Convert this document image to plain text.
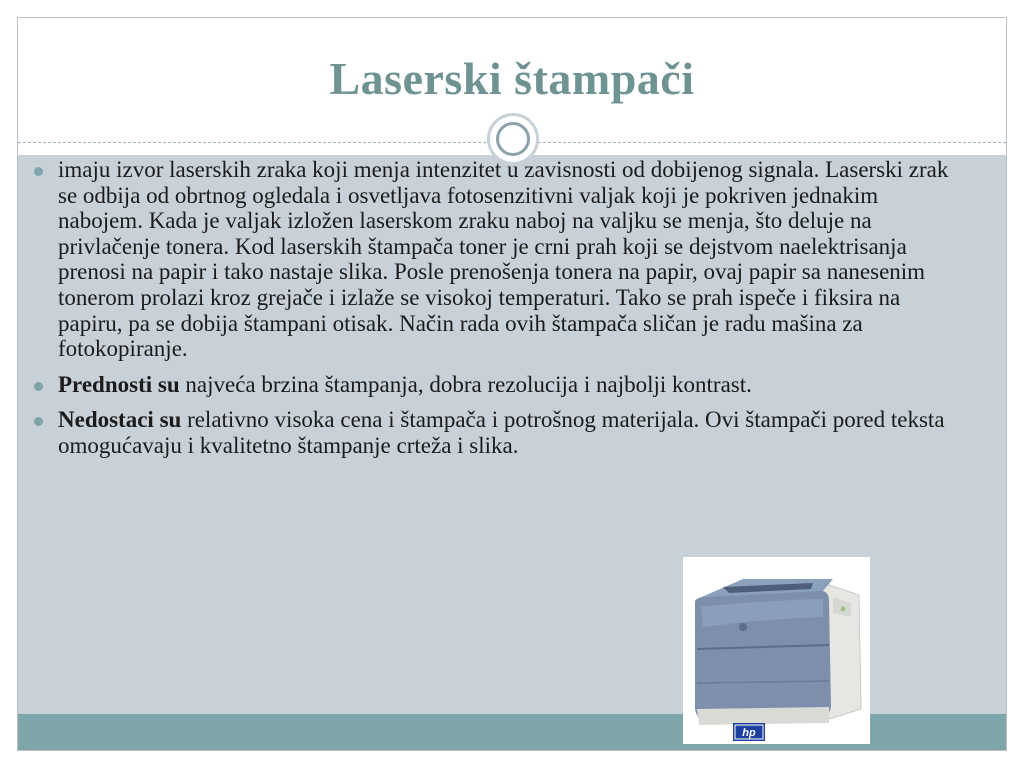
Laserski štampači
imaju izvor laserskih zraka koji menja intenzitet u zavisnosti od dobijenog signala. Laserski zrak se odbija od obrtnog ogledala i osvetljava fotosenzitivni valjak koji je pokriven jednakim nabojem. Kada je valjak izložen laserskom zraku naboj na valjku se menja, što deluje na privlačenje tonera. Kod laserskih štampača toner je crni prah koji se dejstvom naelektrisanja prenosi na papir i tako nastaje slika. Posle prenošenja tonera na papir, ovaj papir sa nanesenim tonerom prolazi kroz grejače i izlaže se visokoj temperaturi. Tako se prah ispeče i fiksira na papiru, pa se dobija štampani otisak. Način rada ovih štampača sličan je radu mašina za fotokopiranje.
Prednosti su najveća brzina štampanja, dobra rezolucija i najbolji kontrast.
Nedostaci su relativno visoka cena i štampača i potrošnog materijala. Ovi štampači pored teksta omogućavaju i kvalitetno štampanje crteža i slika.
hp
